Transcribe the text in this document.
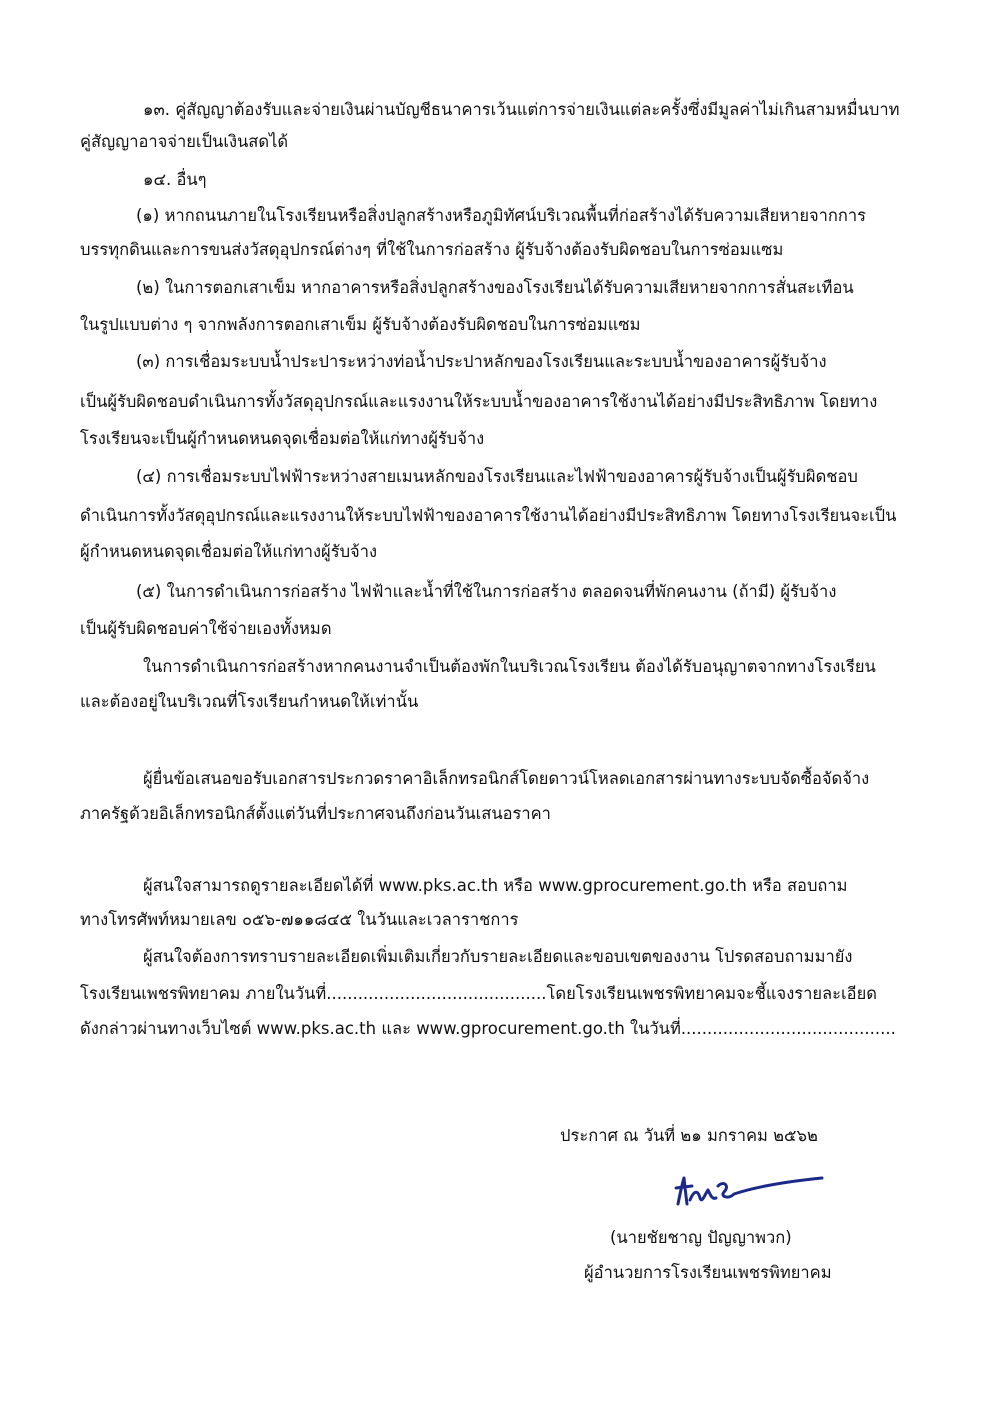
๑๓. คู่สัญญาต้องรับและจ่ายเงินผ่านบัญชีธนาคารเว้นแต่การจ่ายเงินแต่ละครั้งซึ่งมีมูลค่าไม่เกินสามหมื่นบาท
คู่สัญญาอาจจ่ายเป็นเงินสดได้
๑๔. อื่นๆ
(๑) หากถนนภายในโรงเรียนหรือสิ่งปลูกสร้างหรือภูมิทัศน์บริเวณพื้นที่ก่อสร้างได้รับความเสียหายจากการ
บรรทุกดินและการขนส่งวัสดุอุปกรณ์ต่างๆ ที่ใช้ในการก่อสร้าง ผู้รับจ้างต้องรับผิดชอบในการซ่อมแซม
(๒) ในการตอกเสาเข็ม หากอาคารหรือสิ่งปลูกสร้างของโรงเรียนได้รับความเสียหายจากการสั่นสะเทือน
ในรูปแบบต่าง ๆ จากพลังการตอกเสาเข็ม ผู้รับจ้างต้องรับผิดชอบในการซ่อมแซม
(๓) การเชื่อมระบบน้ำประปาระหว่างท่อน้ำประปาหลักของโรงเรียนและระบบน้ำของอาคารผู้รับจ้าง
เป็นผู้รับผิดชอบดำเนินการทั้งวัสดุอุปกรณ์และแรงงานให้ระบบน้ำของอาคารใช้งานได้อย่างมีประสิทธิภาพ โดยทาง
โรงเรียนจะเป็นผู้กำหนดหนดจุดเชื่อมต่อให้แก่ทางผู้รับจ้าง
(๔) การเชื่อมระบบไฟฟ้าระหว่างสายเมนหลักของโรงเรียนและไฟฟ้าของอาคารผู้รับจ้างเป็นผู้รับผิดชอบ
ดำเนินการทั้งวัสดุอุปกรณ์และแรงงานให้ระบบไฟฟ้าของอาคารใช้งานได้อย่างมีประสิทธิภาพ โดยทางโรงเรียนจะเป็น
ผู้กำหนดหนดจุดเชื่อมต่อให้แก่ทางผู้รับจ้าง
(๕) ในการดำเนินการก่อสร้าง ไฟฟ้าและน้ำที่ใช้ในการก่อสร้าง ตลอดจนที่พักคนงาน (ถ้ามี) ผู้รับจ้าง
เป็นผู้รับผิดชอบค่าใช้จ่ายเองทั้งหมด
ในการดำเนินการก่อสร้างหากคนงานจำเป็นต้องพักในบริเวณโรงเรียน ต้องได้รับอนุญาตจากทางโรงเรียน
และต้องอยู่ในบริเวณที่โรงเรียนกำหนดให้เท่านั้น
ผู้ยื่นข้อเสนอขอรับเอกสารประกวดราคาอิเล็กทรอนิกส์โดยดาวน์โหลดเอกสารผ่านทางระบบจัดซื้อจัดจ้าง
ภาครัฐด้วยอิเล็กทรอนิกส์ตั้งแต่วันที่ประกาศจนถึงก่อนวันเสนอราคา
ผู้สนใจสามารถดูรายละเอียดได้ที่ www.pks.ac.th หรือ www.gprocurement.go.th หรือ สอบถาม
ทางโทรศัพท์หมายเลข ๐๕๖-๗๑๑๘๔๕ ในวันและเวลาราชการ
ผู้สนใจต้องการทราบรายละเอียดเพิ่มเติมเกี่ยวกับรายละเอียดและขอบเขตของงาน โปรดสอบถามมายัง
โรงเรียนเพชรพิทยาคม ภายในวันที่..........................................โดยโรงเรียนเพชรพิทยาคมจะชี้แจงรายละเอียด
ดังกล่าวผ่านทางเว็บไซต์ www.pks.ac.th และ www.gprocurement.go.th ในวันที่.........................................
ประกาศ ณ วันที่ ๒๑ มกราคม ๒๕๖๒
(นายชัยชาญ ปัญญาพวก)
ผู้อำนวยการโรงเรียนเพชรพิทยาคม
